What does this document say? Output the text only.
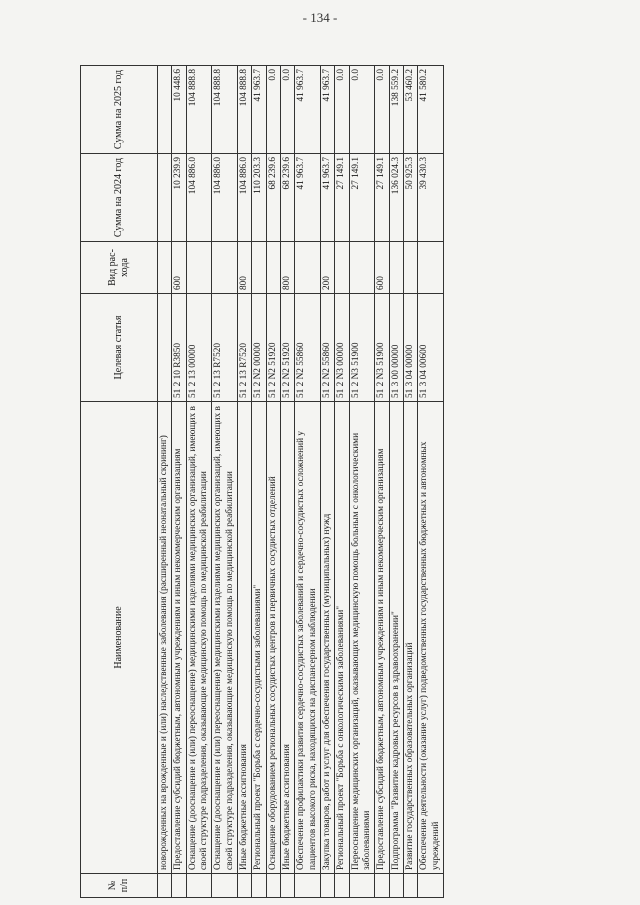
- 134 -
№ п/п	Наименование	Целевая статья	Вид рас-хода	Сумма на 2024 год	Сумма на 2025 год
	новорожденных на врожденные и (или) наследственные заболевания (расширенный неонатальный скрининг)				
	Предоставление субсидий бюджетным, автономным учреждениям и иным некоммерческим организациям	51 2 10 R3850	600	10 239.9	10 448.6
	Оснащение (дооснащение и (или) переоснащение) медицинскими изделиями медицинских организаций, имеющих в своей структуре подразделения, оказывающие медицинскую помощь по медицинской реабилитации	51 2 13 00000		104 886.0	104 888.8
	Оснащение (дооснащение и (или) переоснащение) медицинскими изделиями медицинских организаций, имеющих в своей структуре подразделения, оказывающие медицинскую помощь по медицинской реабилитации	51 2 13 R7520		104 886.0	104 888.8
	Иные бюджетные ассигнования	51 2 13 R7520	800	104 886.0	104 888.8
	Региональный проект "Борьба с сердечно-сосудистыми заболеваниями"	51 2 N2 00000		110 203.3	41 963.7
	Оснащение оборудованием региональных сосудистых центров и первичных сосудистых отделений	51 2 N2 51920		68 239.6	0.0
	Иные бюджетные ассигнования	51 2 N2 51920	800	68 239.6	0.0
	Обеспечение профилактики развития сердечно-сосудистых заболеваний и сердечно-сосудистых осложнений у пациентов высокого риска, находящихся на диспансерном наблюдении	51 2 N2 55860		41 963.7	41 963.7
	Закупка товаров, работ и услуг для обеспечения государственных (муниципальных) нужд	51 2 N2 55860	200	41 963.7	41 963.7
	Региональный проект "Борьба с онкологическими заболеваниями"	51 2 N3 00000		27 149.1	0.0
	Переоснащение медицинских организаций, оказывающих медицинскую помощь больным с онкологическими заболеваниями	51 2 N3 51900		27 149.1	0.0
	Предоставление субсидий бюджетным, автономным учреждениям и иным некоммерческим организациям	51 2 N3 51900	600	27 149.1	0.0
	Подпрограмма "Развитие кадровых ресурсов в здравоохранении"	51 3 00 00000		136 024.3	138 559.2
	Развитие государственных образовательных организаций	51 3 04 00000		50 925.3	53 460.2
	Обеспечение деятельности (оказание услуг) подведомственных государственных бюджетных и автономных учреждений	51 3 04 00600		39 430.3	41 580.2
